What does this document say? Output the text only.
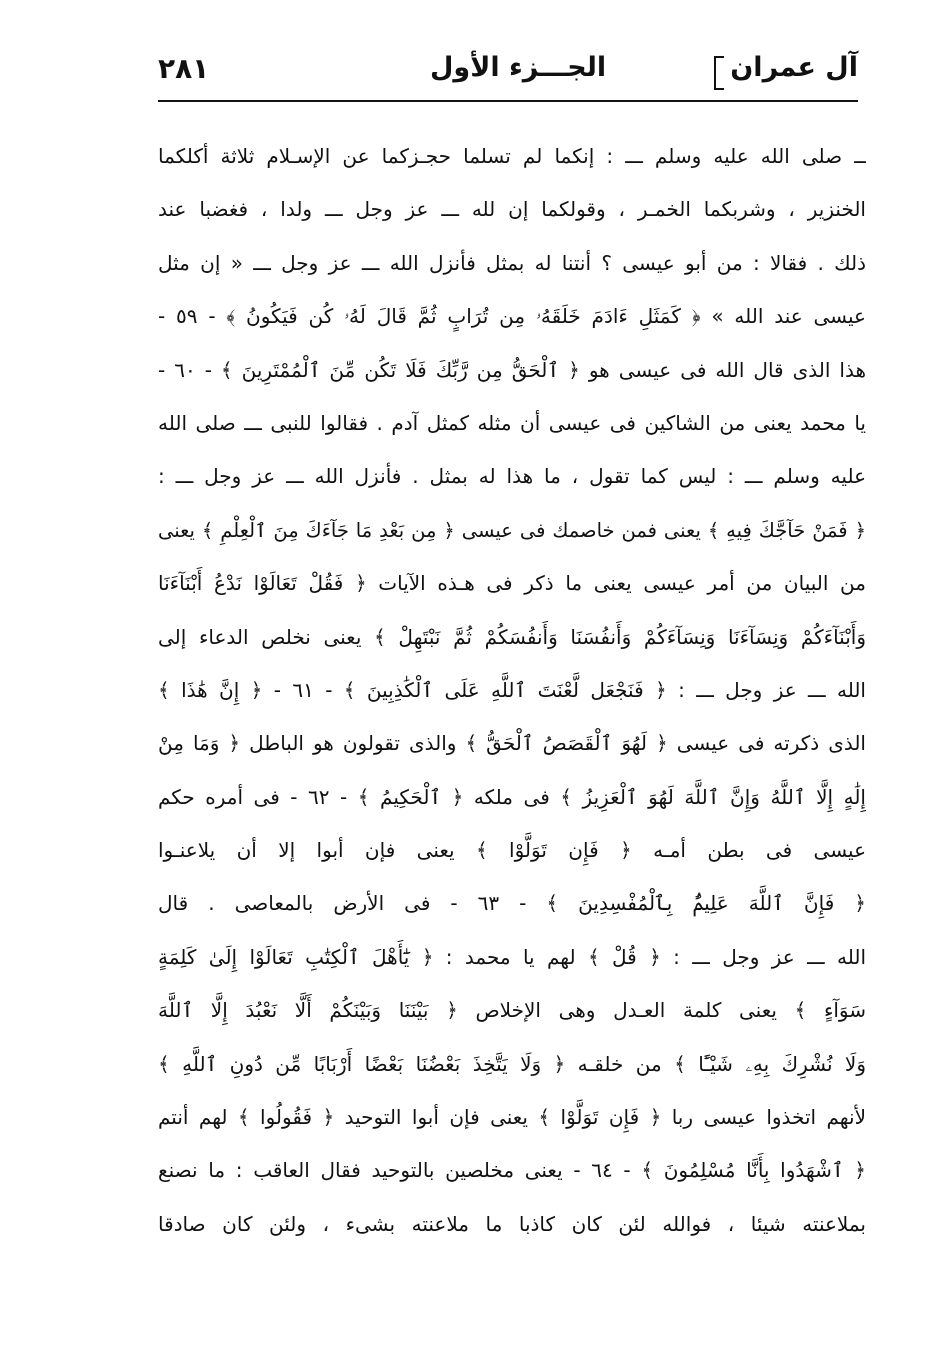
آل عمران
الجـــزء الأول
٢٨١
ــ صلى الله عليه وسلم ـــ : إنكما لم تسلما حجـزكما عن الإسـلام ثلاثة أكلكما
الخنزير ، وشربكما الخمـر ، وقولكما إن لله ـــ عز وجل ـــ ولدا ، فغضبا عند
ذلك . فقالا : من أبو عيسى ؟ أنتنا له بمثل فأنزل الله ـــ عز وجل ـــ « إن مثل
عيسى عند الله » ﴿ كَمَثَلِ ءَادَمَ خَلَقَهُۥ مِن تُرَابٍ ثُمَّ قَالَ لَهُۥ كُن فَيَكُونُ ﴾ - ٥٩ -
هذا الذى قال الله فى عيسى هو ﴿ ٱلْحَقُّ مِن رَّبِّكَ فَلَا تَكُن مِّنَ ٱلْمُمْتَرِينَ ﴾ - ٦٠ -
يا محمد يعنى من الشاكين فى عيسى أن مثله كمثل آدم . فقالوا للنبى ـــ صلى الله
عليه وسلم ـــ : ليس كما تقول ، ما هذا له بمثل . فأنزل الله ـــ عز وجل ـــ :
﴿ فَمَنْ حَآجَّكَ فِيهِ ﴾ يعنى فمن خاصمك فى عيسى ﴿ مِن بَعْدِ مَا جَآءَكَ مِنَ ٱلْعِلْمِ ﴾ يعنى
من البيان من أمر عيسى يعنى ما ذكر فى هـذه الآيات ﴿ فَقُلْ تَعَالَوْا نَدْعُ أَبْنَآءَنَا
وَأَبْنَآءَكُمْ وَنِسَآءَنَا وَنِسَآءَكُمْ وَأَنفُسَنَا وَأَنفُسَكُمْ ثُمَّ نَبْتَهِلْ ﴾ يعنى نخلص الدعاء إلى
الله ـــ عز وجل ـــ : ﴿ فَنَجْعَل لَّعْنَتَ ٱللَّهِ عَلَى ٱلْكَٰذِبِينَ ﴾ - ٦١ - ﴿ إِنَّ هَٰذَا ﴾
الذى ذكرته فى عيسى ﴿ لَهُوَ ٱلْقَصَصُ ٱلْحَقُّ ﴾ والذى تقولون هو الباطل ﴿ وَمَا مِنْ
إِلَٰهٍ إِلَّا ٱللَّهُ وَإِنَّ ٱللَّهَ لَهُوَ ٱلْعَزِيزُ ﴾ فى ملكه ﴿ ٱلْحَكِيمُ ﴾ - ٦٢ - فى أمره حكم
عيسى فى بطن أمـه ﴿ فَإِن تَوَلَّوْا ﴾ يعنى فإن أبوا إلا أن يلاعنـوا
﴿ فَإِنَّ ٱللَّهَ عَلِيمٌۢ بِٱلْمُفْسِدِينَ ﴾ - ٦٣ - فى الأرض بالمعاصى . قال
الله ـــ عز وجل ـــ : ﴿ قُلْ ﴾ لهم يا محمد : ﴿ يَٰٓأَهْلَ ٱلْكِتَٰبِ تَعَالَوْا إِلَىٰ كَلِمَةٍ
سَوَآءٍ ﴾ يعنى كلمة العـدل وهى الإخلاص ﴿ بَيْنَنَا وَبَيْنَكُمْ أَلَّا نَعْبُدَ إِلَّا ٱللَّهَ
وَلَا نُشْرِكَ بِهِۦ شَيْـًٔا ﴾ من خلقـه ﴿ وَلَا يَتَّخِذَ بَعْضُنَا بَعْضًا أَرْبَابًا مِّن دُونِ ٱللَّهِ ﴾
لأنهم اتخذوا عيسى ربا ﴿ فَإِن تَوَلَّوْا ﴾ يعنى فإن أبوا التوحيد ﴿ فَقُولُوا ﴾ لهم أنتم
﴿ ٱشْهَدُوا بِأَنَّا مُسْلِمُونَ ﴾ - ٦٤ - يعنى مخلصين بالتوحيد فقال العاقب : ما نصنع
بملاعنته شيئا ، فوالله لئن كان كاذبا ما ملاعنته بشىء ، ولئن كان صادقا
